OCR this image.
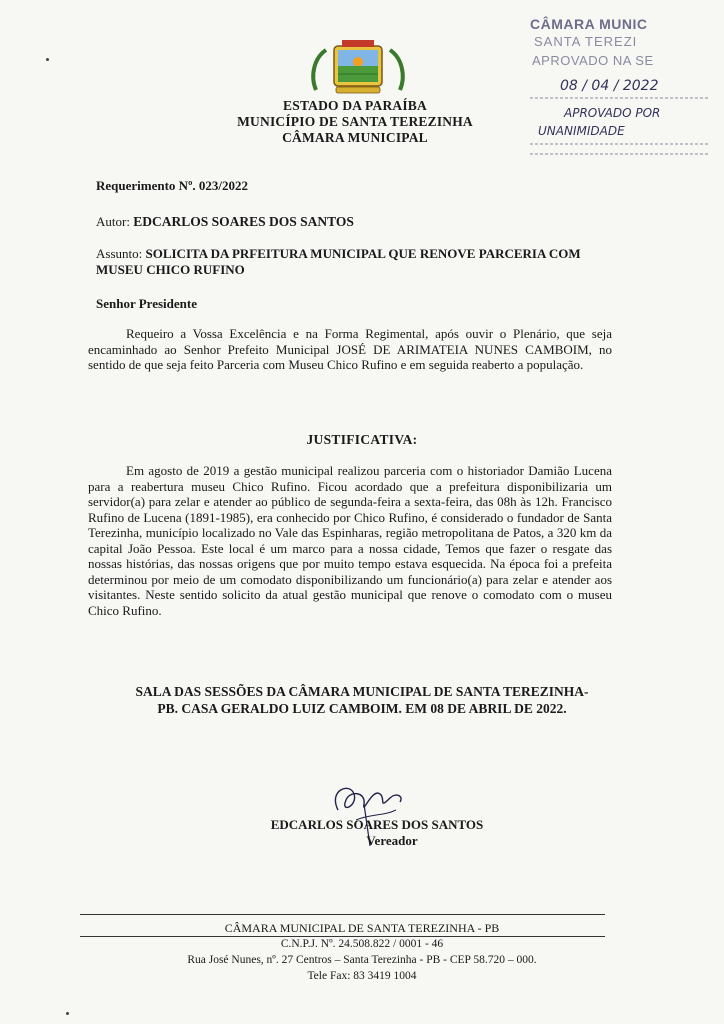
ESTADO DA PARAÍBA
MUNICÍPIO DE SANTA TEREZINHA
CÂMARA MUNICIPAL
CÂMARA MUNIC
SANTA TEREZI
APROVADO NA SE
08 / 04 / 2022
APROVADO POR
UNANIMIDADE
Requerimento Nº. 023/2022
Autor: EDCARLOS SOARES DOS SANTOS
Assunto: SOLICITA DA PRFEITURA MUNICIPAL QUE RENOVE PARCERIA COM MUSEU CHICO RUFINO
Senhor Presidente
Requeiro a Vossa Excelência e na Forma Regimental, após ouvir o Plenário, que seja encaminhado ao Senhor Prefeito Municipal JOSÉ DE ARIMATEIA NUNES CAMBOIM, no sentido de que seja feito Parceria com Museu Chico Rufino e em seguida reaberto a população.
JUSTIFICATIVA:
Em agosto de 2019 a gestão municipal realizou parceria com o historiador Damião Lucena para a reabertura museu Chico Rufino. Ficou acordado que a prefeitura disponibilizaria um servidor(a) para zelar e atender ao público de segunda-feira a sexta-feira, das 08h às 12h. Francisco Rufino de Lucena (1891-1985), era conhecido por Chico Rufino, é considerado o fundador de Santa Terezinha, município localizado no Vale das Espinharas, região metropolitana de Patos, a 320 km da capital João Pessoa. Este local é um marco para a nossa cidade, Temos que fazer o resgate das nossas histórias, das nossas origens que por muito tempo estava esquecida. Na época foi a prefeita determinou por meio de um comodato disponibilizando um funcionário(a) para zelar e atender aos visitantes. Neste sentido solicito da atual gestão municipal que renove o comodato com o museu Chico Rufino.
SALA DAS SESSÕES DA CÂMARA MUNICIPAL DE SANTA TEREZINHA-
PB. CASA GERALDO LUIZ CAMBOIM. EM 08 DE ABRIL DE 2022.
EDCARLOS SOARES DOS SANTOS
Vereador
CÂMARA MUNICIPAL DE SANTA TEREZINHA - PB
C.N.P.J. Nº. 24.508.822 / 0001 - 46
Rua José Nunes, nº. 27 Centros – Santa Terezinha - PB - CEP 58.720 – 000.
Tele Fax: 83 3419 1004
